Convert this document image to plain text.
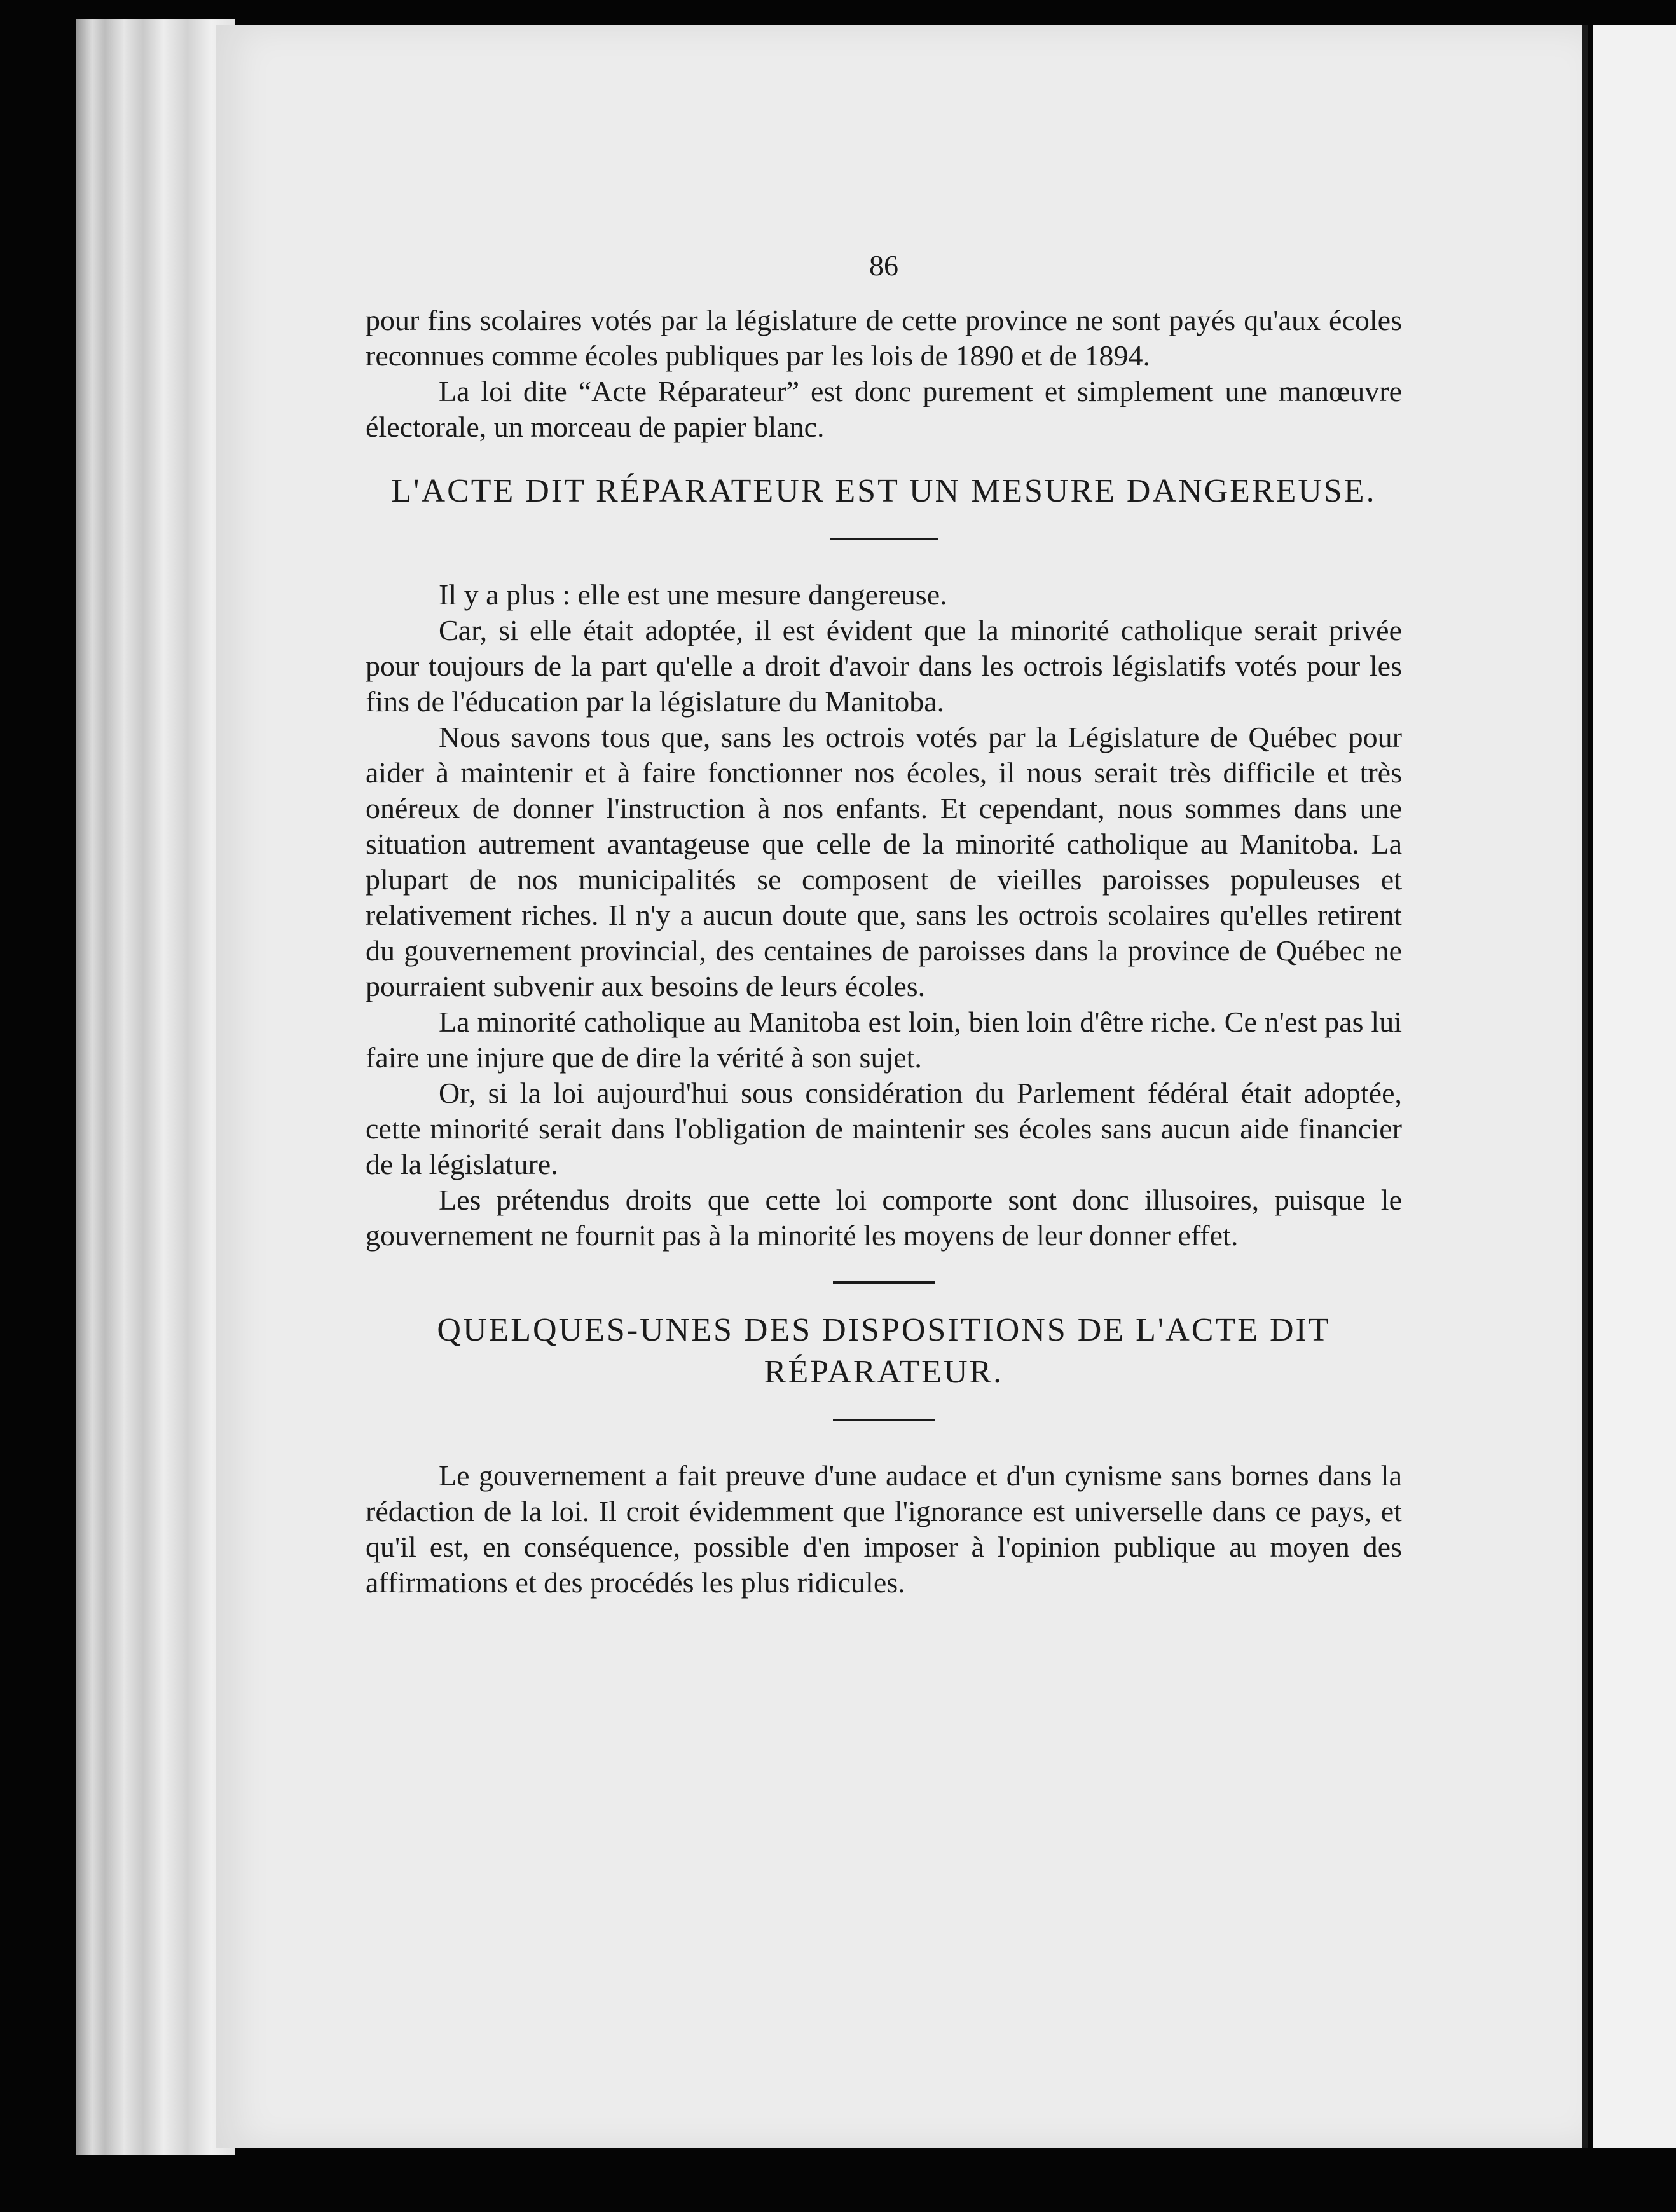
86

pour fins scolaires votés par la législature de cette province ne sont payés qu'aux écoles reconnues comme écoles publiques par les lois de 1890 et de 1894.

La loi dite “Acte Réparateur” est donc purement et simplement une manœuvre électorale, un morceau de papier blanc.

L'ACTE DIT RÉPARATEUR EST UN MESURE DANGEREUSE.

Il y a plus : elle est une mesure dangereuse.

Car, si elle était adoptée, il est évident que la minorité catholique serait privée pour toujours de la part qu'elle a droit d'avoir dans les octrois législatifs votés pour les fins de l'éducation par la législature du Manitoba.

Nous savons tous que, sans les octrois votés par la Législature de Québec pour aider à maintenir et à faire fonctionner nos écoles, il nous serait très difficile et très onéreux de donner l'instruction à nos enfants. Et cependant, nous sommes dans une situation autrement avantageuse que celle de la minorité catholique au Manitoba. La plupart de nos municipalités se composent de vieilles paroisses populeuses et relativement riches. Il n'y a aucun doute que, sans les octrois scolaires qu'elles retirent du gouvernement provincial, des centaines de paroisses dans la province de Québec ne pourraient subvenir aux besoins de leurs écoles.

La minorité catholique au Manitoba est loin, bien loin d'être riche. Ce n'est pas lui faire une injure que de dire la vérité à son sujet.

Or, si la loi aujourd'hui sous considération du Parlement fédéral était adoptée, cette minorité serait dans l'obligation de maintenir ses écoles sans aucun aide financier de la législature.

Les prétendus droits que cette loi comporte sont donc illusoires, puisque le gouvernement ne fournit pas à la minorité les moyens de leur donner effet.

QUELQUES-UNES DES DISPOSITIONS DE L'ACTE DIT RÉPARATEUR.

Le gouvernement a fait preuve d'une audace et d'un cynisme sans bornes dans la rédaction de la loi. Il croit évidemment que l'ignorance est universelle dans ce pays, et qu'il est, en conséquence, possible d'en imposer à l'opinion publique au moyen des affirmations et des procédés les plus ridicules.
